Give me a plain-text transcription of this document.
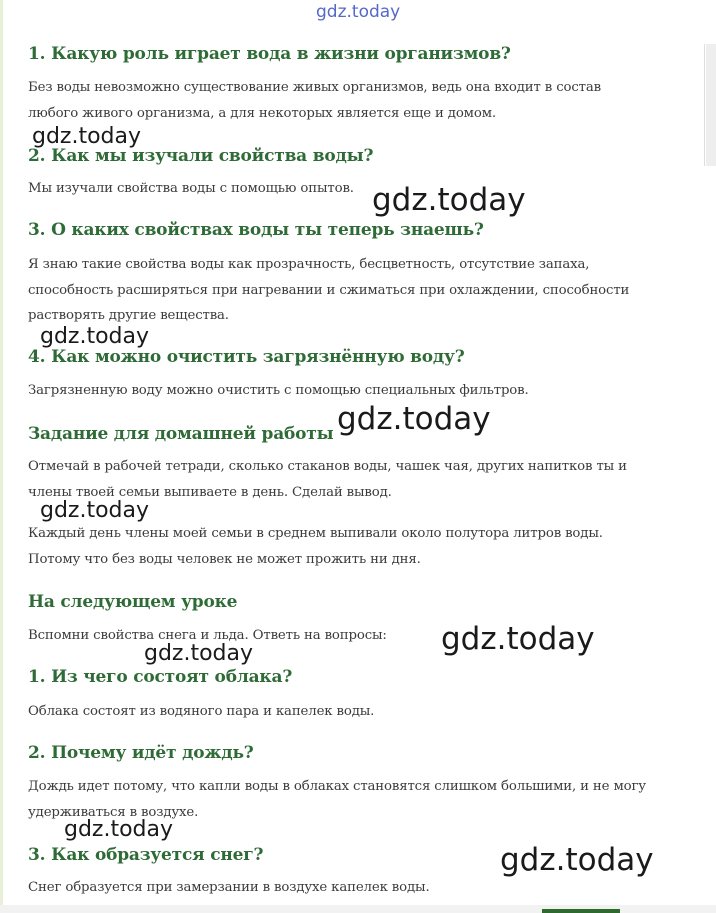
gdz.today
1. Какую роль играет вода в жизни организмов?

Без воды невозможно существование живых организмов, ведь она входит в состав

любого живого организма, а для некоторых является еще и домом.

2. Как мы изучали свойства воды?

Мы изучали свойства воды с помощью опытов.

3. О каких свойствах воды ты теперь знаешь?

Я знаю такие свойства воды как прозрачность, бесцветность, отсутствие запаха,

способность расширяться при нагревании и сжиматься при охлаждении, способности

растворять другие вещества.

4. Как можно очистить загрязнённую воду?

Загрязненную воду можно очистить с помощью специальных фильтров.

Задание для домашней работы

Отмечай в рабочей тетради, сколько стаканов воды, чашек чая, других напитков ты и

члены твоей семьи выпиваете в день. Сделай вывод.

Каждый день члены моей семьи в среднем выпивали около полутора литров воды.

Потому что без воды человек не может прожить ни дня.

На следующем уроке

Вспомни свойства снега и льда. Ответь на вопросы:

1. Из чего состоят облака?

Облака состоят из водяного пара и капелек воды.

2. Почему идёт дождь?

Дождь идет потому, что капли воды в облаках становятся слишком большими, и не могу

удерживаться в воздухе.

3. Как образуется снег?

Снег образуется при замерзании в воздухе капелек воды.

gdz.today
gdz.today
gdz.today
gdz.today
gdz.today
gdz.today
gdz.today
gdz.today
gdz.today
